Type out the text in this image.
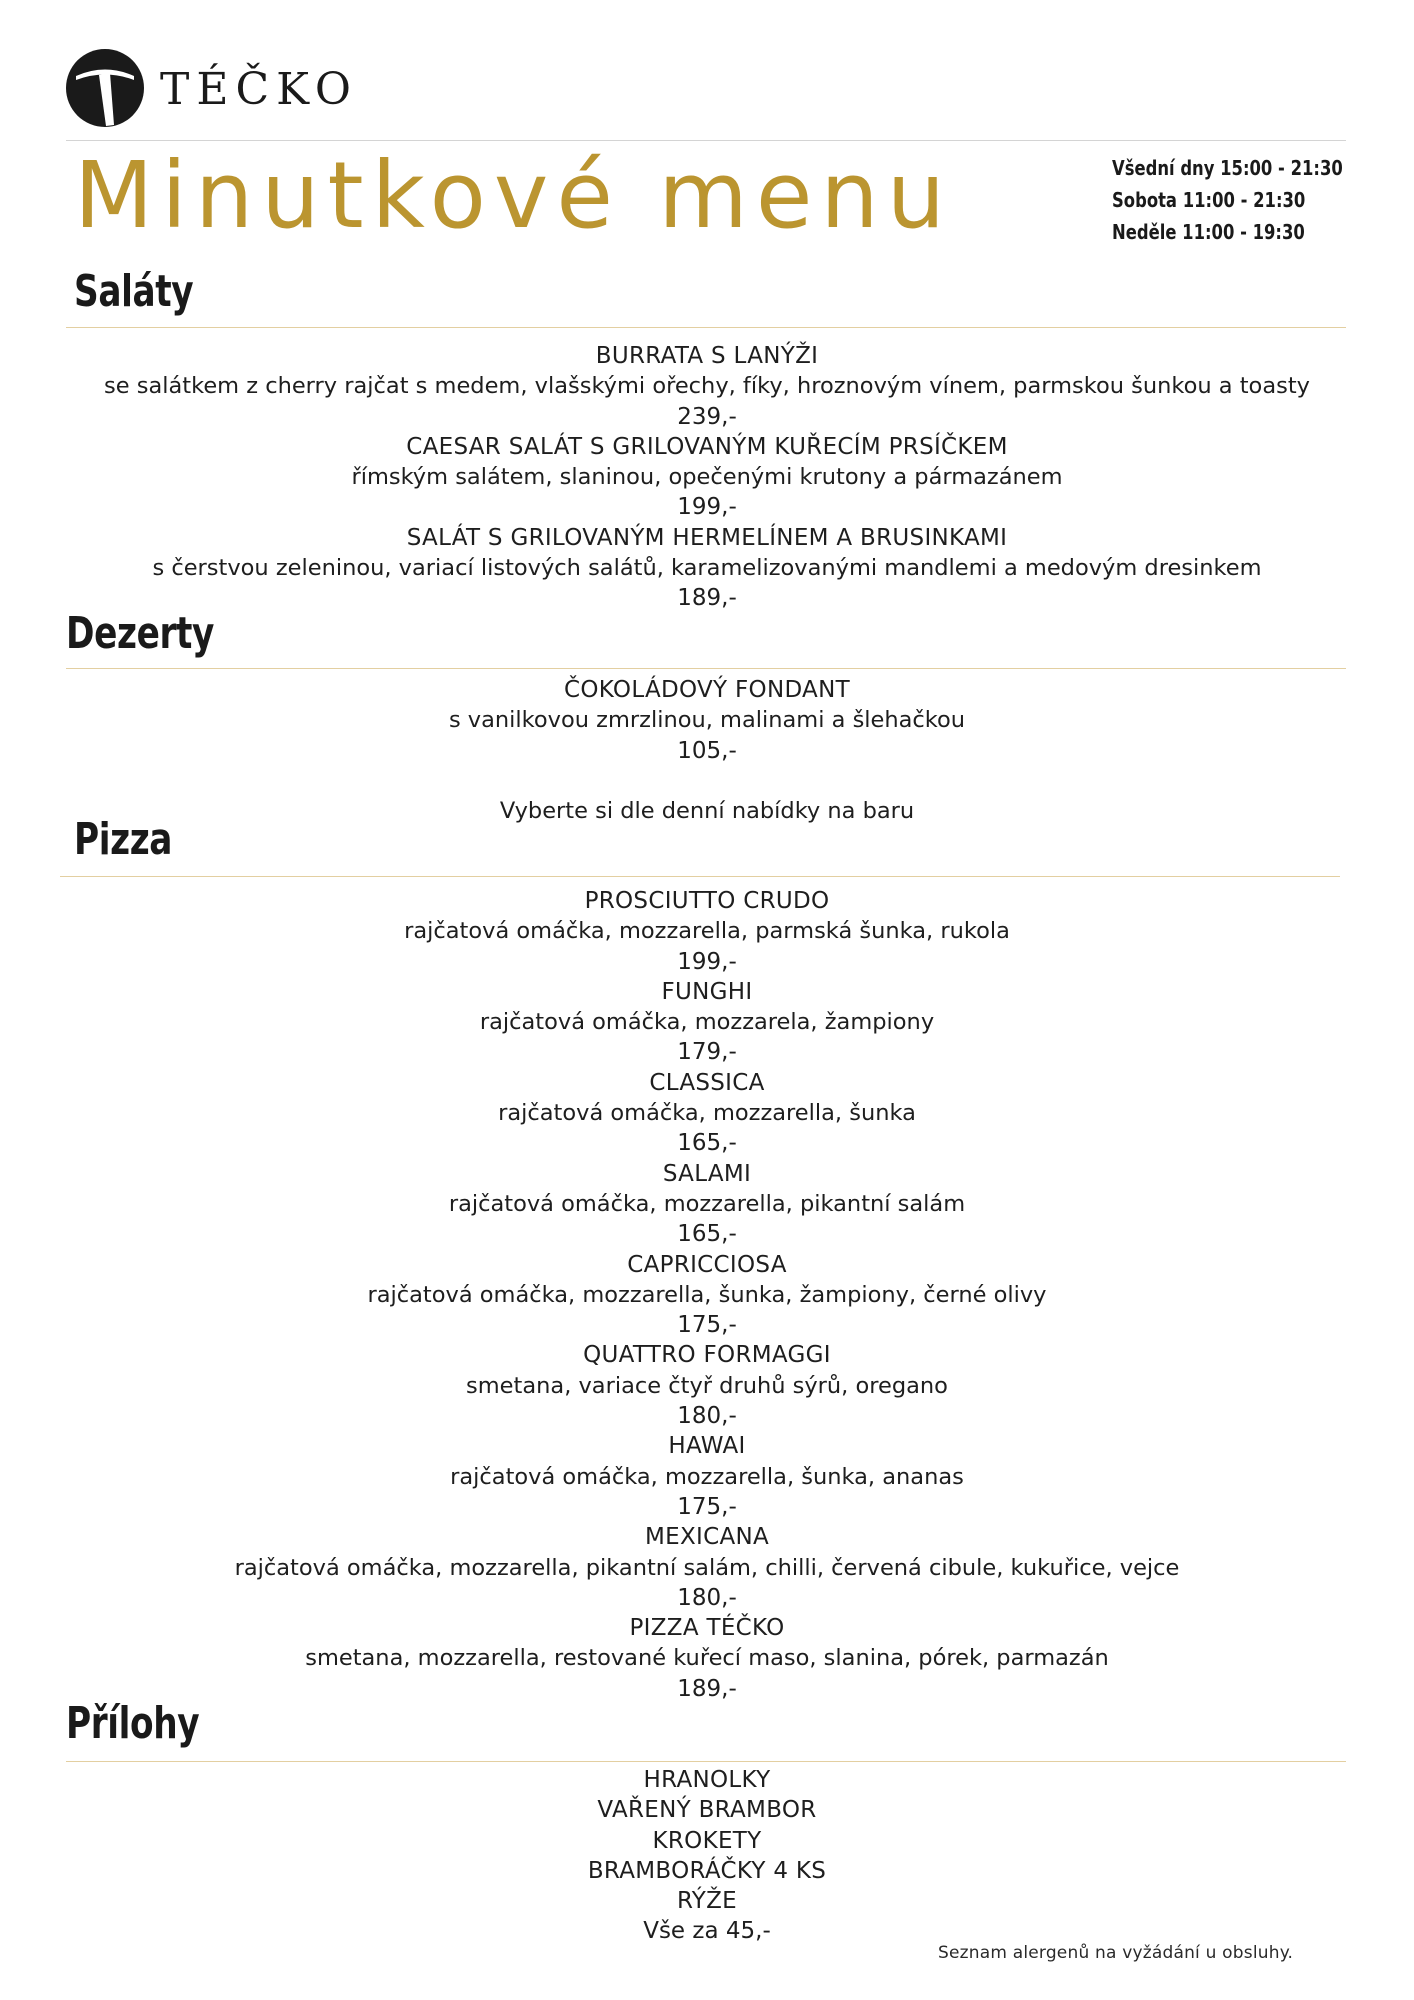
TÉČKO
Minutkové menu	Všední dny 15:00 - 21:30
Sobota 11:00 - 21:30
Neděle 11:00 - 19:30
Saláty
BURRATA S LANÝŽI
se salátkem z cherry rajčat s medem, vlašskými ořechy, fíky, hroznovým vínem, parmskou šunkou a toasty
239,-
CAESAR SALÁT S GRILOVANÝM KUŘECÍM PRSÍČKEM
římským salátem, slaninou, opečenými krutony a pármazánem
199,-
SALÁT S GRILOVANÝM HERMELÍNEM A BRUSINKAMI
s čerstvou zeleninou, variací listových salátů, karamelizovanými mandlemi a medovým dresinkem
189,-
Dezerty
ČOKOLÁDOVÝ FONDANT
s vanilkovou zmrzlinou, malinami a šlehačkou
105,-
Vyberte si dle denní nabídky na baru
Pizza
PROSCIUTTO CRUDO
rajčatová omáčka, mozzarella, parmská šunka, rukola
199,-
FUNGHI
rajčatová omáčka, mozzarela, žampiony
179,-
CLASSICA
rajčatová omáčka, mozzarella, šunka
165,-
SALAMI
rajčatová omáčka, mozzarella, pikantní salám
165,-
CAPRICCIOSA
rajčatová omáčka, mozzarella, šunka, žampiony, černé olivy
175,-
QUATTRO FORMAGGI
smetana, variace čtyř druhů sýrů, oregano
180,-
HAWAI
rajčatová omáčka, mozzarella, šunka, ananas
175,-
MEXICANA
rajčatová omáčka, mozzarella, pikantní salám, chilli, červená cibule, kukuřice, vejce
180,-
PIZZA TÉČKO
smetana, mozzarella, restované kuřecí maso, slanina, pórek, parmazán
189,-
Přílohy
HRANOLKY
VAŘENÝ BRAMBOR
KROKETY
BRAMBORÁČKY 4 KS
RÝŽE
Vše za 45,-
Seznam alergenů na vyžádání u obsluhy.
